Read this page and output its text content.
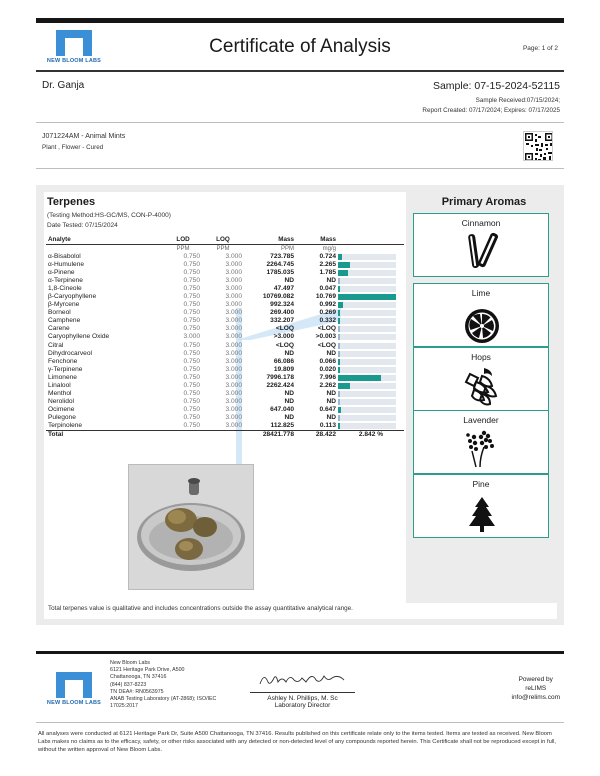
NEW BLOOM LABS
Certificate of Analysis	Page: 1 of 2
Dr. Ganja	Sample: 07-15-2024-52115
Sample Received:07/15/2024;
Report Created: 07/17/2024; Expires: 07/17/2025
J071224AM - Animal Mints
Plant , Flower - Cured
Terpenes
(Testing Method:HS-GC/MS, CON-P-4000)
Date Tested: 07/15/2024
Analyte	LOD	LOQ	Mass	Mass	
	PPM	PPM	PPM	mg/g	
α-Bisabolol	0.750	3.000	723.785	0.724	

α-Humulene	0.750	3.000	2264.745	2.265	

α-Pinene	0.750	3.000	1785.035	1.785	

α-Terpinene	0.750	3.000	ND	ND	

1,8-Cineole	0.750	3.000	47.497	0.047	

β-Caryophyllene	0.750	3.000	10769.082	10.769	

β-Myrcene	0.750	3.000	992.324	0.992	

Borneol	0.750	3.000	269.400	0.269	

Camphene	0.750	3.000	332.207	0.332	

Carene	0.750	3.000	<LOQ	<LOQ	

Caryophyllene Oxide	3.000	3.000	>3.000	>0.003	

Citral	0.750	3.000	<LOQ	<LOQ	

Dihydrocarveol	0.750	3.000	ND	ND	

Fenchone	0.750	3.000	66.086	0.066	

γ-Terpinene	0.750	3.000	19.809	0.020	

Limonene	0.750	3.000	7996.178	7.996	

Linalool	0.750	3.000	2262.424	2.262	

Menthol	0.750	3.000	ND	ND	

Nerolidol	0.750	3.000	ND	ND	

Ocimene	0.750	3.000	647.040	0.647	

Pulegone	0.750	3.000	ND	ND	

Terpinolene	0.750	3.000	112.825	0.113	

Total			28421.778	28.422	2.842 %
Primary Aromas
Cinnamon
Lime
Hops
Lavender
Pine
Total terpenes value is qualitative and includes concentrations outside the assay quantitative analytical range.
NEW BLOOM LABS
New Bloom Labs
6121 Heritage Park Drive, A500
Chattanooga, TN 37416
(844) 837-8223
TN DEA#: RN0563975
ANAB Testing Laboratory (AT-2868); ISO/IEC
17025:2017
Ashley N. Phillips, M. Sc
Laboratory Director
Powered by
reLIMS
info@relims.com
All analyses were conducted at 6121 Heritage Park Dr, Suite A500 Chattanooga, TN 37416. Results published on this certificate relate only to the items tested. Items are tested as received. New Bloom Labs makes no claims as to the efficacy, safety, or other risks associated with any detected or non-detected level of any compounds reported herein. This Certificate shall not be reproduced except in full, without the written approval of New Bloom Labs.
